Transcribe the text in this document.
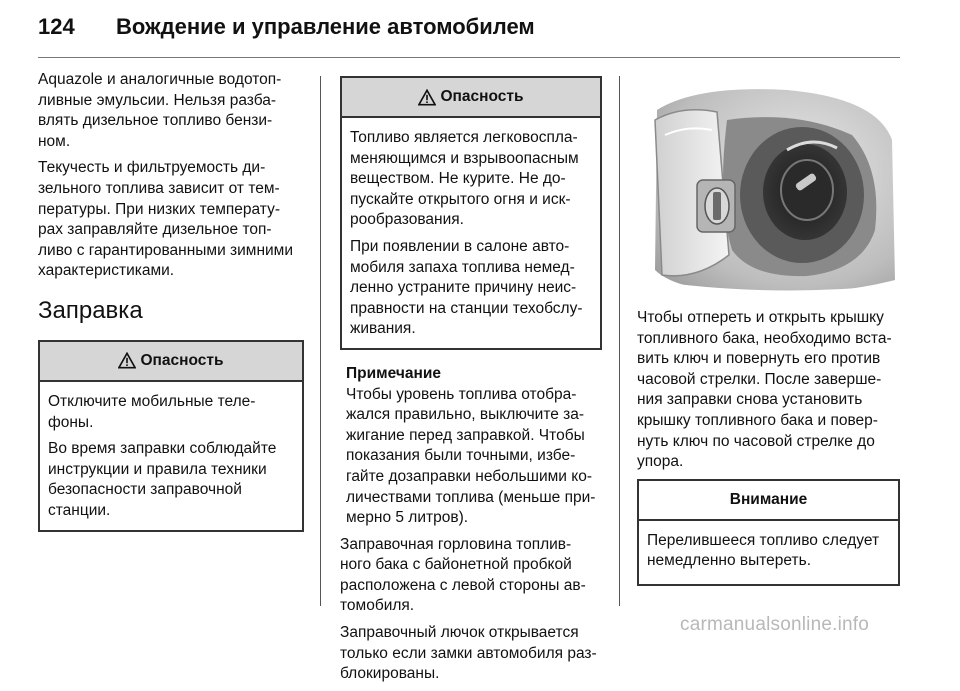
124 Вождение и управление автомобилем

Aquazole и аналогичные водотоп-ливные эмульсии. Нельзя разба-влять дизельное топливо бензи-ном.

Текучесть и фильтруемость ди-зельного топлива зависит от тем-пературы. При низких температу-рах заправляйте дизельное топ-ливо с гарантированными зимними характеристиками.

Заправка
Опасность

Отключите мобильные теле-фоны.

Во время заправки соблюдайте инструкции и правила техники безопасности заправочной станции.

Опасность

Топливо является легковоспла-меняющимся и взрывоопасным веществом. Не курите. Не до-пускайте открытого огня и иск-рообразования.

При появлении в салоне авто-мобиля запаха топлива немед-ленно устраните причину неис-правности на станции техобслу-живания.

Примечание

Чтобы уровень топлива отобра-жался правильно, выключите за-жигание перед заправкой. Чтобы показания были точными, избе-гайте дозаправки небольшими ко-личествами топлива (меньше при-мерно 5 литров).

Заправочная горловина топлив-ного бака с байонетной пробкой расположена с левой стороны ав-томобиля.

Заправочный лючок открывается только если замки автомобиля раз-блокированы.

Чтобы отпереть и открыть крышку топливного бака, необходимо вста-вить ключ и повернуть его против часовой стрелки. После заверше-ния заправки снова установить крышку топливного бака и повер-нуть ключ по часовой стрелке до упора.

Внимание

Перелившееся топливо следует немедленно вытереть.

carmanualsonline.info
